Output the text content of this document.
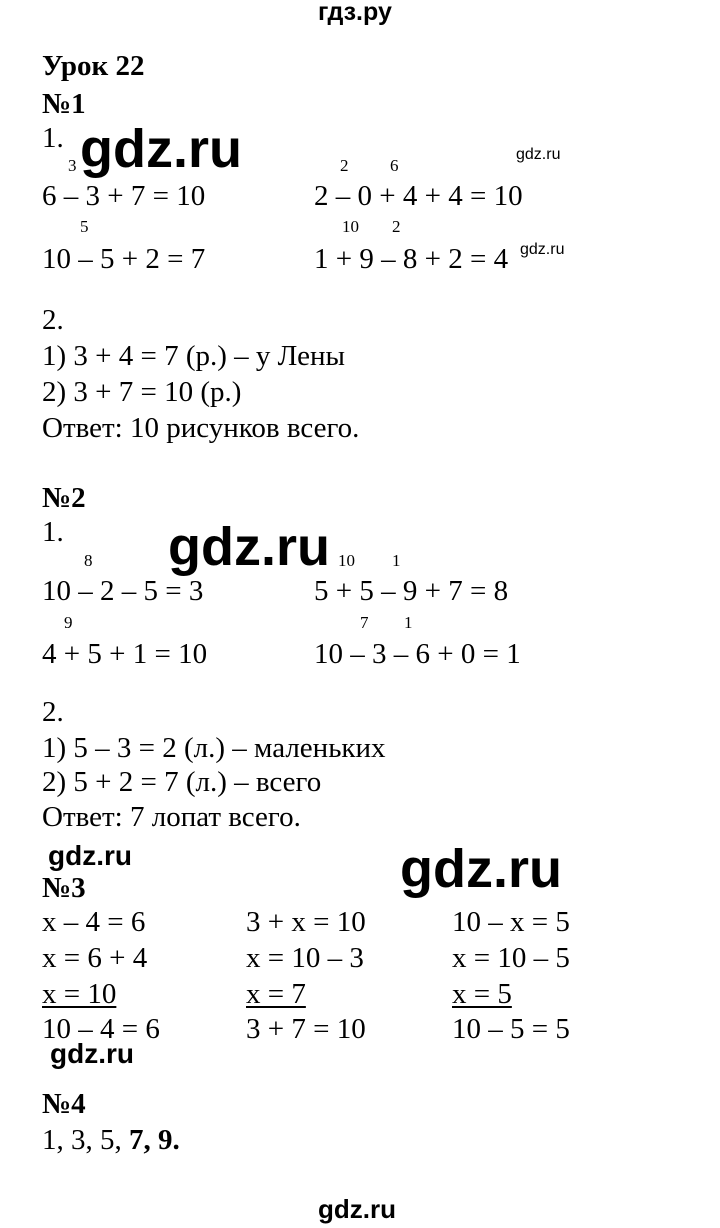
гдз.ру
Урок 22
№1
1. gdz.ru	gdz.ru
3
6 – 3 + 7 = 10
2 6
2 – 0 + 4 + 4 = 10
5
10 – 5 + 2 = 7
10 2
1 + 9 – 8 + 2 = 4 gdz.ru
2.
1) 3 + 4 = 7 (р.) – у Лены
2) 3 + 7 = 10 (р.)
Ответ: 10 рисунков всего.
№2
1. gdz.ru
8
10 – 2 – 5 = 3
10 1
5 + 5 – 9 + 7 = 8
9
4 + 5 + 1 = 10
7 1
10 – 3 – 6 + 0 = 1
2.
1) 5 – 3 = 2 (л.) – маленьких
2) 5 + 2 = 7 (л.) – всего
Ответ: 7 лопат всего.
gdz.ru	gdz.ru
№3
x – 4 = 6
x = 6 + 4
x = 10
10 – 4 = 6
3 + x = 10
x = 10 – 3
x = 7
3 + 7 = 10
10 – x = 5
x = 10 – 5
x = 5
10 – 5 = 5
gdz.ru
№4
1, 3, 5, 7, 9.
gdz.ru
